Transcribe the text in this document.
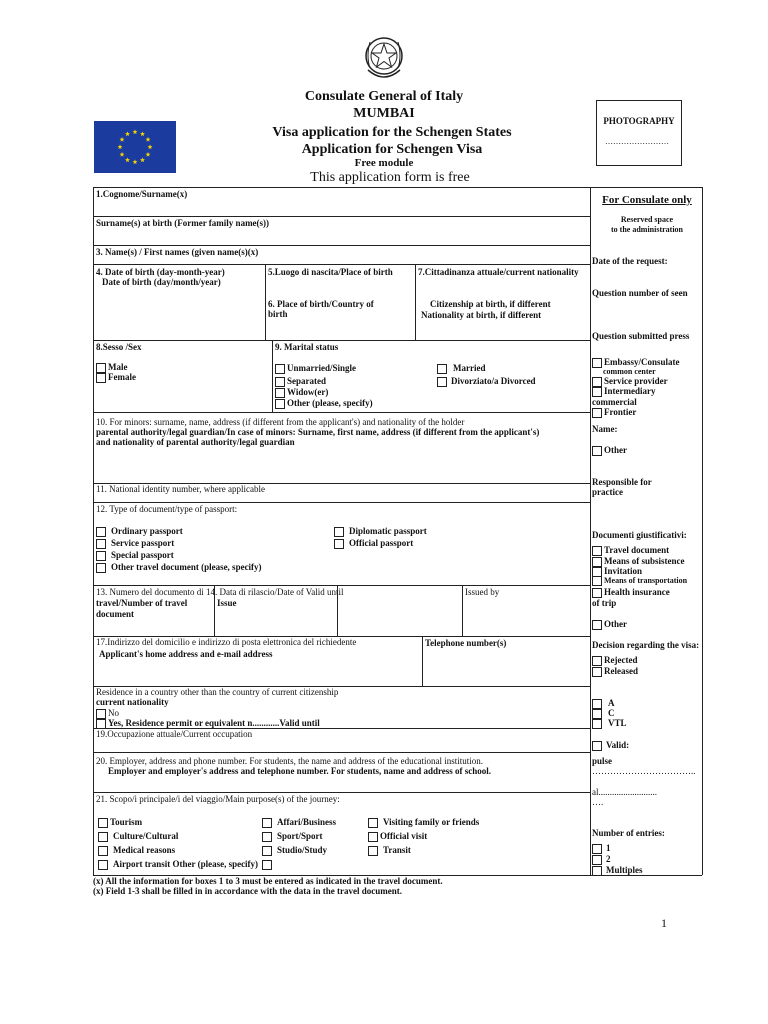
Consulate General of Italy
MUMBAI
Visa application for the Schengen States
Application for Schengen Visa
Free module
This application form is free
PHOTOGRAPHY
……………………
1.Cognome/Surname(x)
Surname(s) at birth (Former family name(s))
3. Name(s) / First names (given name(s)(x)
4. Date of birth (day-month-year)
Date of birth (day/month/year)
5.Luogo di nascita/Place of birth
6. Place of birth/Country of birth
7.Cittadinanza attuale/current nationality
Citizenship at birth, if different
Nationality at birth, if different
8.Sesso /Sex
Male
Female
9. Marital status
Unmarried/Single
Separated
Widow(er)
Other (please, specify)
Married
Divorziato/a Divorced
10. For minors: surname, name, address (if different from the applicant's) and nationality of the holder
parental authority/legal guardian/In case of minors: Surname, first name, address (if different from the applicant's)
and nationality of parental authority/legal guardian
11. National identity number, where applicable
12. Type of document/type of passport:
Ordinary passport
Service passport
Special passport
Other travel document (please, specify)
Diplomatic passport
Official passport
13. Numero del documento di 14. Data di rilascio/Date of Valid until
travel/Number of travel
document
Issue
Issued by
17.Indirizzo del domicilio e indirizzo di posta elettronica del richiedente
Applicant's home address and e-mail address
Telephone number(s)
Residence in a country other than the country of current citizenship
current nationality
No
Yes, Residence permit or equivalent n............Valid until
19.Occupazione attuale/Current occupation
20. Employer, address and phone number. For students, the name and address of the educational institution.
Employer and employer's address and telephone number. For students, name and address of school.
21. Scopo/i principale/i del viaggio/Main purpose(s) of the journey:
Tourism
Culture/Cultural
Medical reasons
Airport transit Other (please, specify)
Affari/Business
Sport/Sport
Studio/Study
Visiting family or friends
Official visit
Transit
For Consulate only
Reserved space
to the administration
Date of the request:
Question number of seen
Question submitted press
Embassy/Consulate
common center
Service provider
Intermediary commercial
Frontier
Name:
Other
Responsible for practice
Documenti giustificativi:
Travel document
Means of subsistence
Invitation
Means of transportation
Health insurance of trip
Other
Decision regarding the visa:
Rejected
Released
A
C
VTL
Valid:
pulse
……………………………..
al..........................
….
Number of entries:
1
2
Multiples
(x) All the information for boxes 1 to 3 must be entered as indicated in the travel document.
(x) Field 1-3 shall be filled in in accordance with the data in the travel document.
1
